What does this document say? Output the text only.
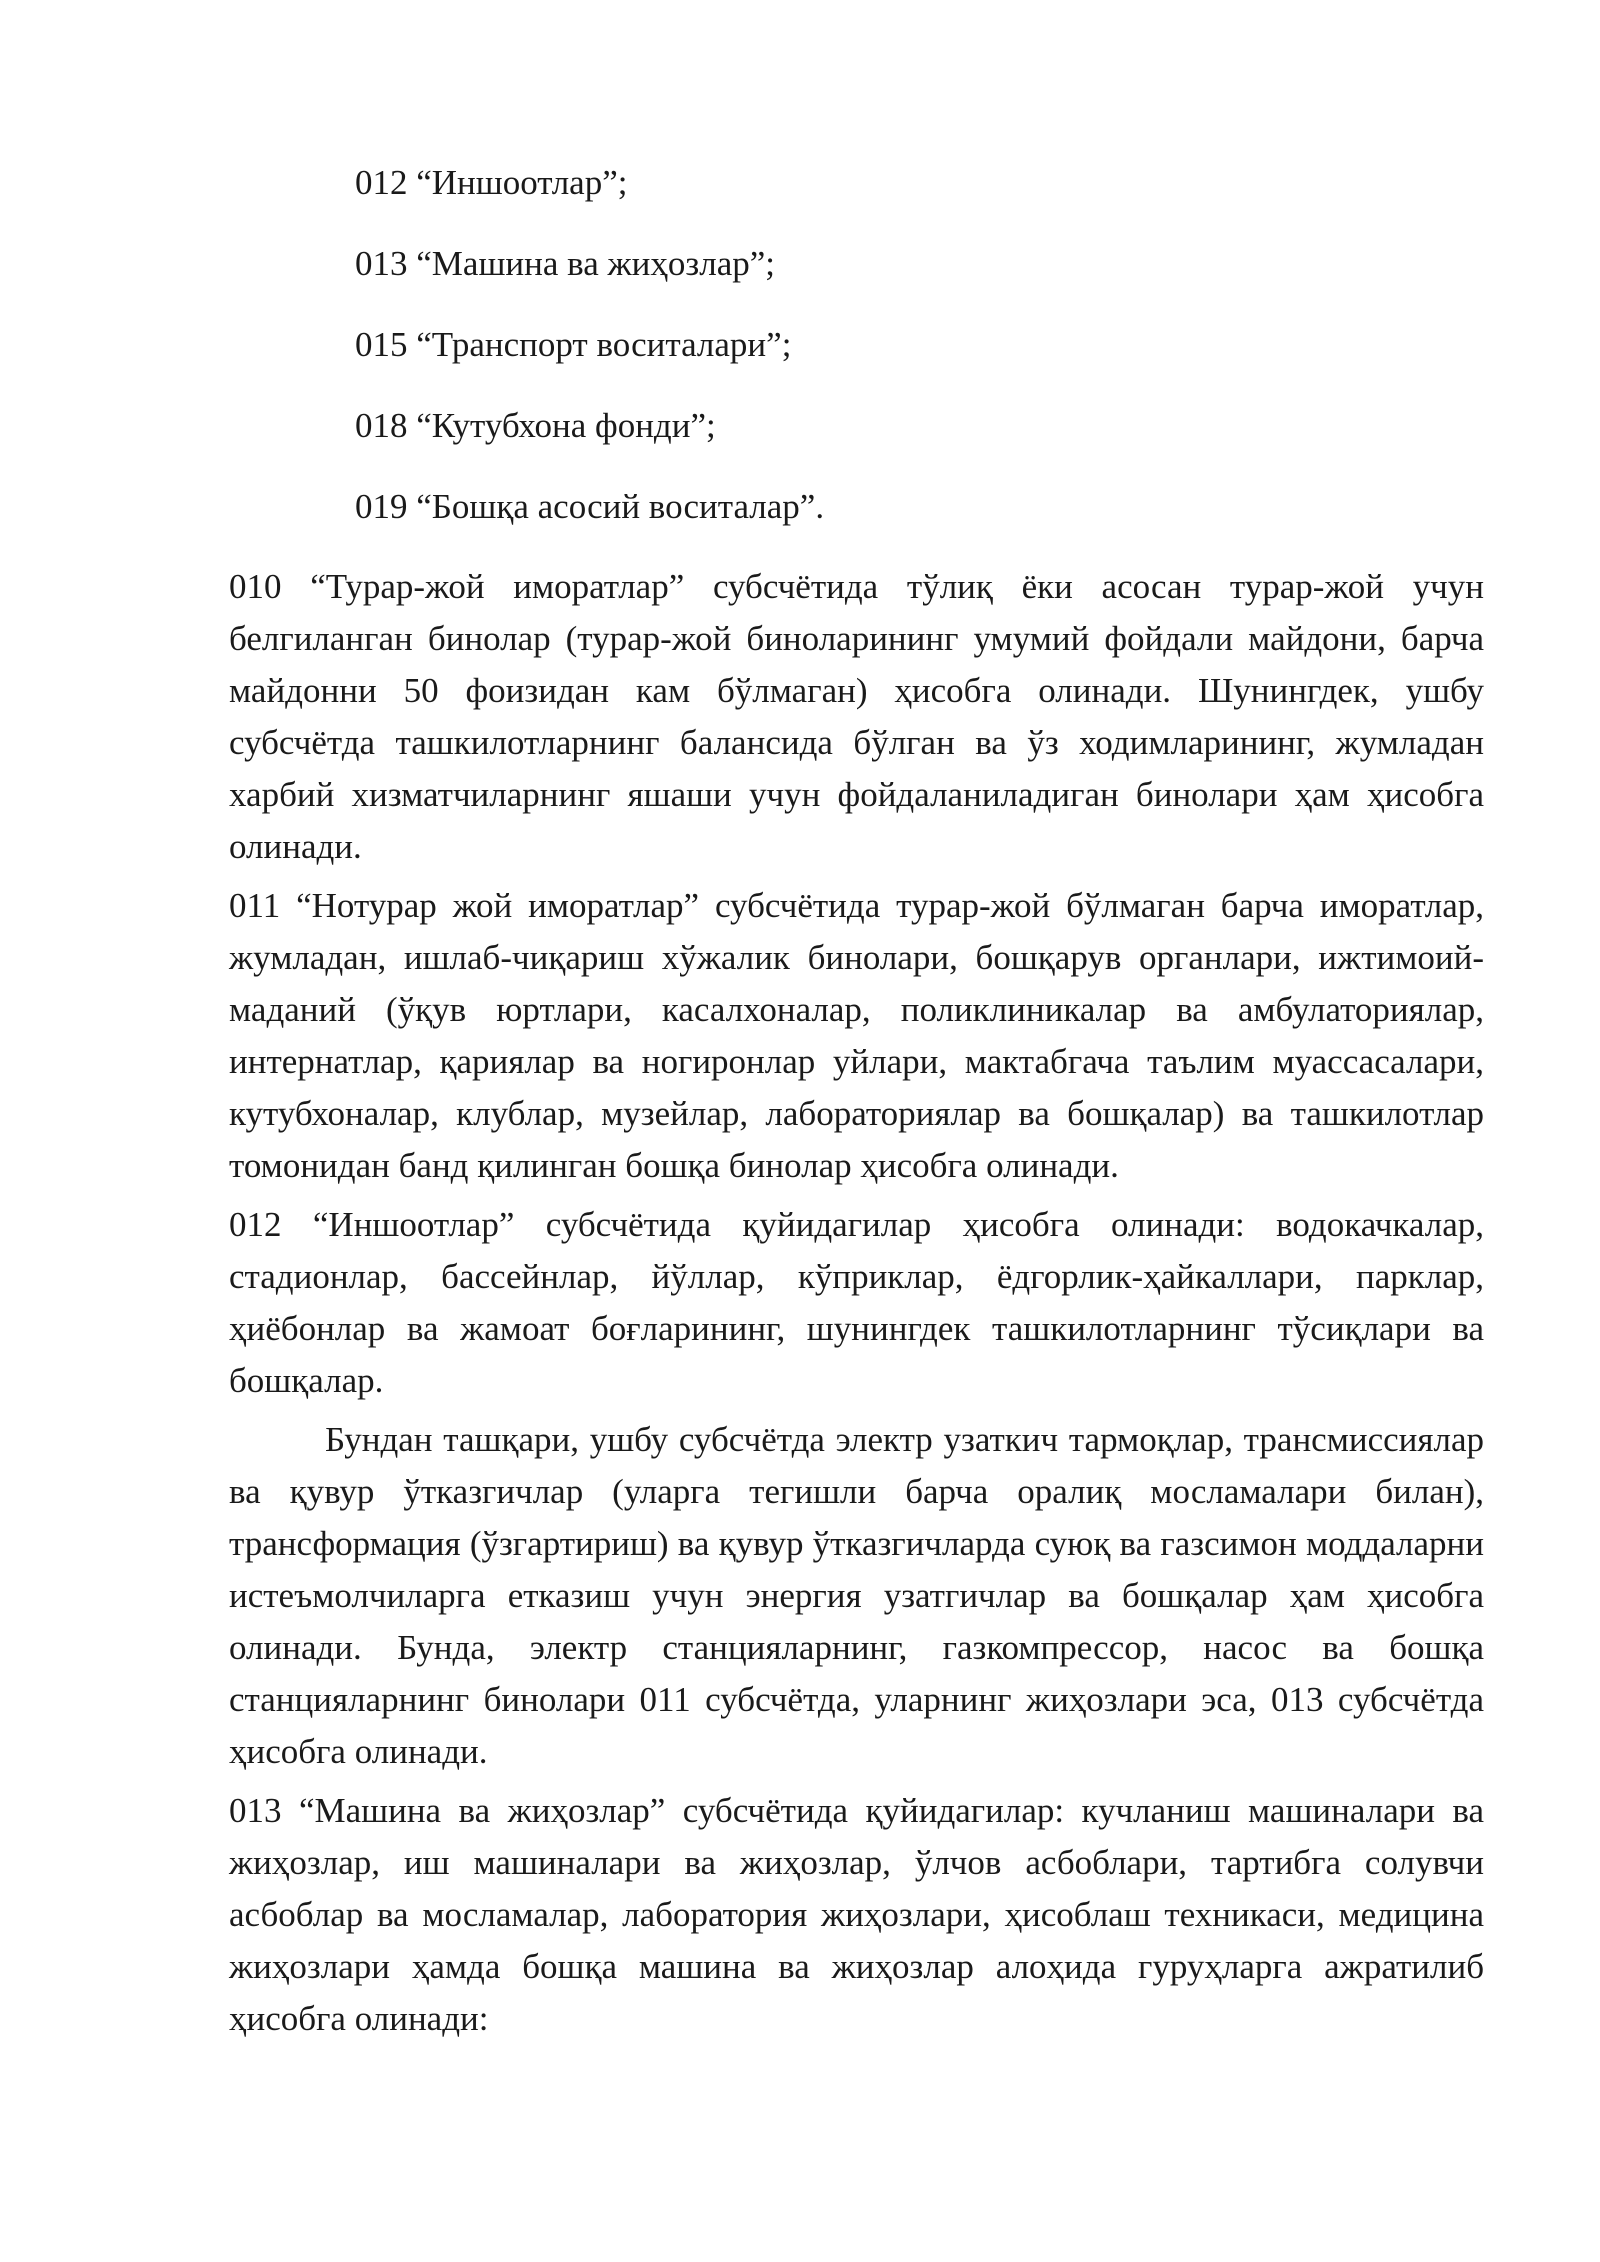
012 “Иншоотлар”;
013 “Машина ва жиҳозлар”;
015 “Транспорт воситалари”;
018 “Кутубхона фонди”;
019 “Бошқа асосий воситалар”.

010 “Турар-жой иморатлар” субсчётида тўлиқ ёки асосан турар-жой учун белгиланган бинолар (турар-жой биноларининг умумий фойдали майдони, барча майдонни 50 фоизидан кам бўлмаган) ҳисобга олинади. Шунингдек, ушбу субсчётда ташкилотларнинг балансида бўлган ва ўз ходимларининг, жумладан харбий хизматчиларнинг яшаши учун фойдаланиладиган бинолари ҳам ҳисобга олинади.

011 “Нотурар жой иморатлар” субсчётида турар-жой бўлмаган барча иморатлар, жумладан, ишлаб-чиқариш хўжалик бинолари, бошқарув органлари, ижтимоий-маданий (ўқув юртлари, касалхоналар, поликлиникалар ва амбулаториялар, интернатлар, қариялар ва ногиронлар уйлари, мактабгача таълим муассасалари, кутубхоналар, клублар, музейлар, лабораториялар ва бошқалар) ва ташкилотлар томонидан банд қилинган бошқа бинолар ҳисобга олинади.

012 “Иншоотлар” субсчётида қуйидагилар ҳисобга олинади: водокачкалар, стадионлар, бассейнлар, йўллар, кўприклар, ёдгорлик-ҳайкаллари, парклар, ҳиёбонлар ва жамоат боғларининг, шунингдек ташкилотларнинг тўсиқлари ва бошқалар.

Бундан ташқари, ушбу субсчётда электр узаткич тармоқлар, трансмиссиялар ва қувур ўтказгичлар (уларга тегишли барча оралиқ мосламалари билан), трансформация (ўзгартириш) ва қувур ўтказгичларда суюқ ва газсимон моддаларни истеъмолчиларга етказиш учун энергия узатгичлар ва бошқалар ҳам ҳисобга олинади. Бунда, электр станцияларнинг, газкомпрессор, насос ва бошқа станцияларнинг бинолари 011 субсчётда, уларнинг жиҳозлари эса, 013 субсчётда ҳисобга олинади.

013 “Машина ва жиҳозлар” субсчётида қуйидагилар: кучланиш машиналари ва жиҳозлар, иш машиналари ва жиҳозлар, ўлчов асбоблари, тартибга солувчи асбоблар ва мосламалар, лаборатория жиҳозлари, ҳисоблаш техникаси, медицина жиҳозлари ҳамда бошқа машина ва жиҳозлар алоҳида гуруҳларга ажратилиб ҳисобга олинади:
